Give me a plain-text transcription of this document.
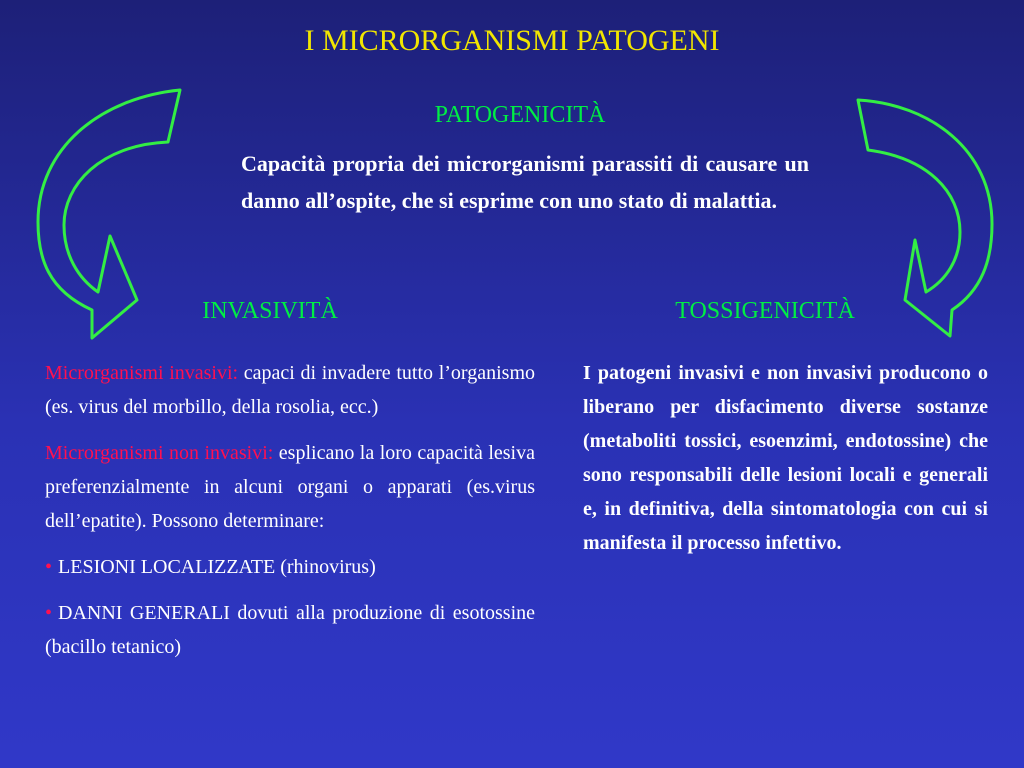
I MICRORGANISMI PATOGENI
PATOGENICITÀ
Capacità propria dei microrganismi parassiti di causare un danno all’ospite, che si esprime con uno stato di malattia.
INVASIVITÀ	TOSSIGENICITÀ

Microrganismi invasivi: capaci di invadere tutto l’organismo (es. virus del morbillo, della rosolia, ecc.)

Microrganismi non invasivi: esplicano la loro capacità lesiva preferenzialmente in alcuni organi o apparati (es.virus dell’epatite). Possono determinare:

• LESIONI LOCALIZZATE (rhinovirus)

• DANNI GENERALI dovuti alla produzione di esotossine (bacillo tetanico)

I patogeni invasivi e non invasivi producono o liberano per disfacimento diverse sostanze (metaboliti tossici, esoenzimi, endotossine) che sono responsabili delle lesioni locali e generali e, in definitiva, della sintomatologia con cui si manifesta il processo infettivo.
